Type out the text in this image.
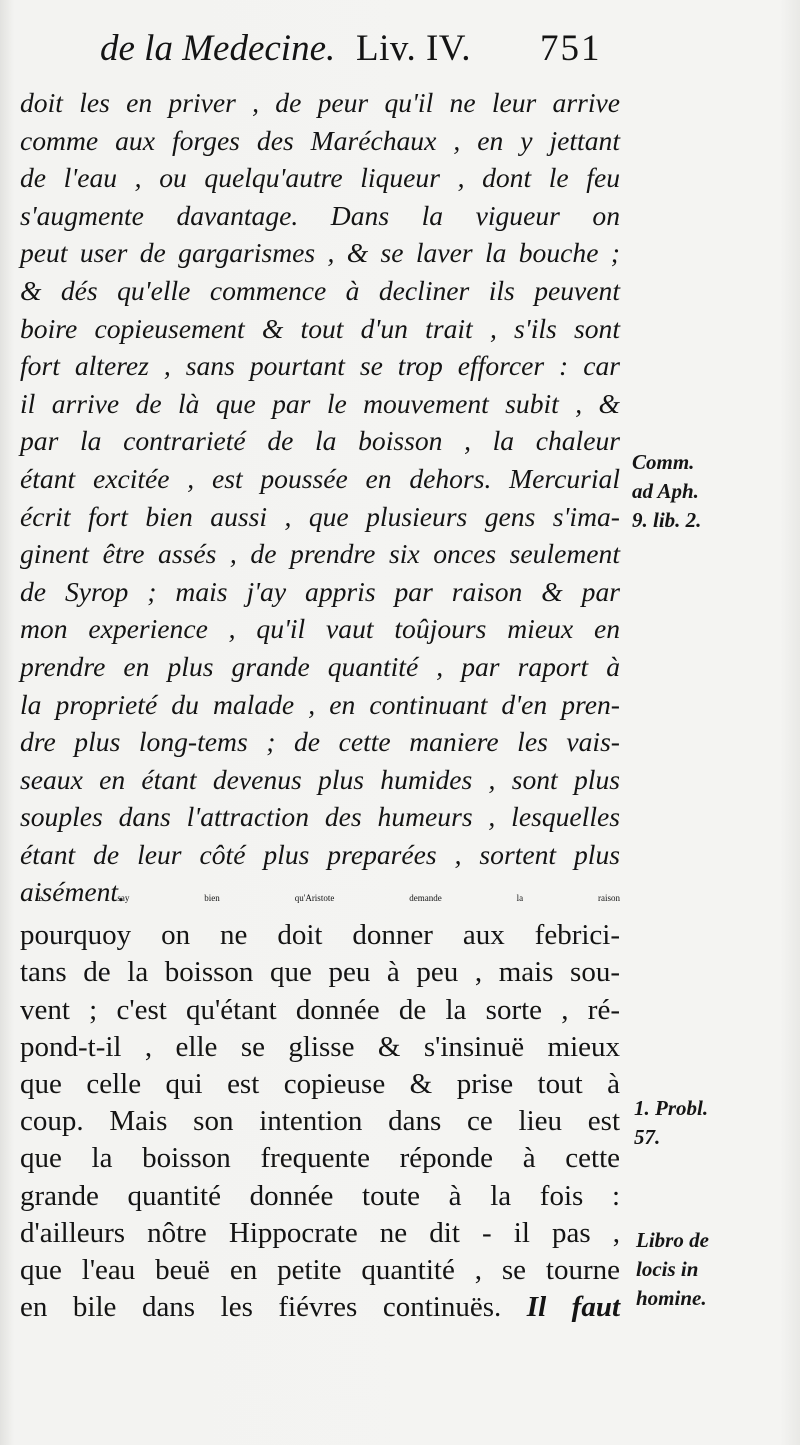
de la Medecine. Liv. IV. 751
doit les en priver , de peur qu'il ne leur arrive
comme aux forges des Maréchaux , en y jettant
de l'eau , ou quelqu'autre liqueur , dont le feu
s'augmente davantage. Dans la vigueur on
peut user de gargarismes , & se laver la bouche ;
& dés qu'elle commence à decliner ils peuvent
boire copieusement & tout d'un trait , s'ils sont
fort alterez , sans pourtant se trop efforcer : car
il arrive de là que par le mouvement subit , &
par la contrarieté de la boisson , la chaleur
étant excitée , est poussée en dehors. Mercurial
écrit fort bien aussi , que plusieurs gens s'ima-
ginent être assés , de prendre six onces seulement
de Syrop ; mais j'ay appris par raison & par
mon experience , qu'il vaut toûjours mieux en
prendre en plus grande quantité , par raport à
la proprieté du malade , en continuant d'en pren-
dre plus long-tems ; de cette maniere les vais-
seaux en étant devenus plus humides , sont plus
souples dans l'attraction des humeurs , lesquelles
étant de leur côté plus preparées , sortent plus
aisément.
Je say bien qu'Aristote demande la raison
pourquoy on ne doit donner aux febrici-
tans de la boisson que peu à peu , mais sou-
vent ; c'est qu'étant donnée de la sorte , ré-
pond-t-il , elle se glisse & s'insinuë mieux
que celle qui est copieuse & prise tout à
coup. Mais son intention dans ce lieu est
que la boisson frequente réponde à cette
grande quantité donnée toute à la fois :
d'ailleurs nôtre Hippocrate ne dit - il pas ,
que l'eau beuë en petite quantité , se tourne
en bile dans les fiévres continuës. Il faut
Comm.
ad Aph.
9. lib. 2.
1. Probl.
57.
Libro de
locis in
homine.
